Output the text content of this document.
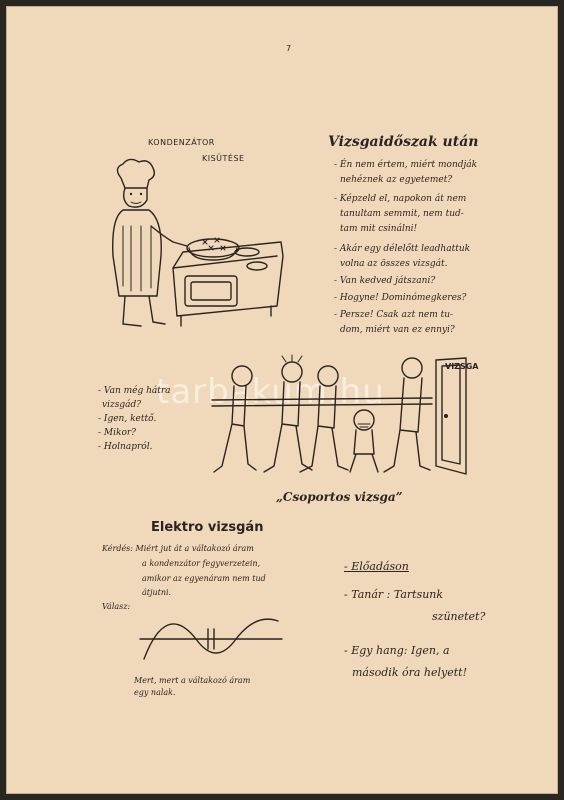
tarbakum.hu
7
KONDENZÁTOR
KISÜTÉSE
Vizsgaidőszak után
- Én nem értem, miért mondják
nehéznek az egyetemet?
- Képzeld el, napokon át nem
tanultam semmit, nem tud-
tam mit csinálni!
- Akár egy délelőtt leadhattuk
volna az összes vizsgát.
- Van kedved játszani?
- Hogyne! Dominómegkeres?
- Persze! Csak azt nem tu-
dom, miért van ez ennyi?
- Van még hátra
vizsgád?
- Igen, kettő.
- Mikor?
- Holnapról.
VIZSGA
„Csoportos vizsga”
Elektro vizsgán
Kérdés: Miért jut át a váltakozó áram
a kondenzátor fegyverzetein,
amikor az egyenáram nem tud
átjutni.
Válasz:
Mert, mert a váltakozó áram
egy nalak.
- Előadáson
- Tanár : Tartsunk
szünetet?
- Egy hang: Igen, a
második óra helyett!
